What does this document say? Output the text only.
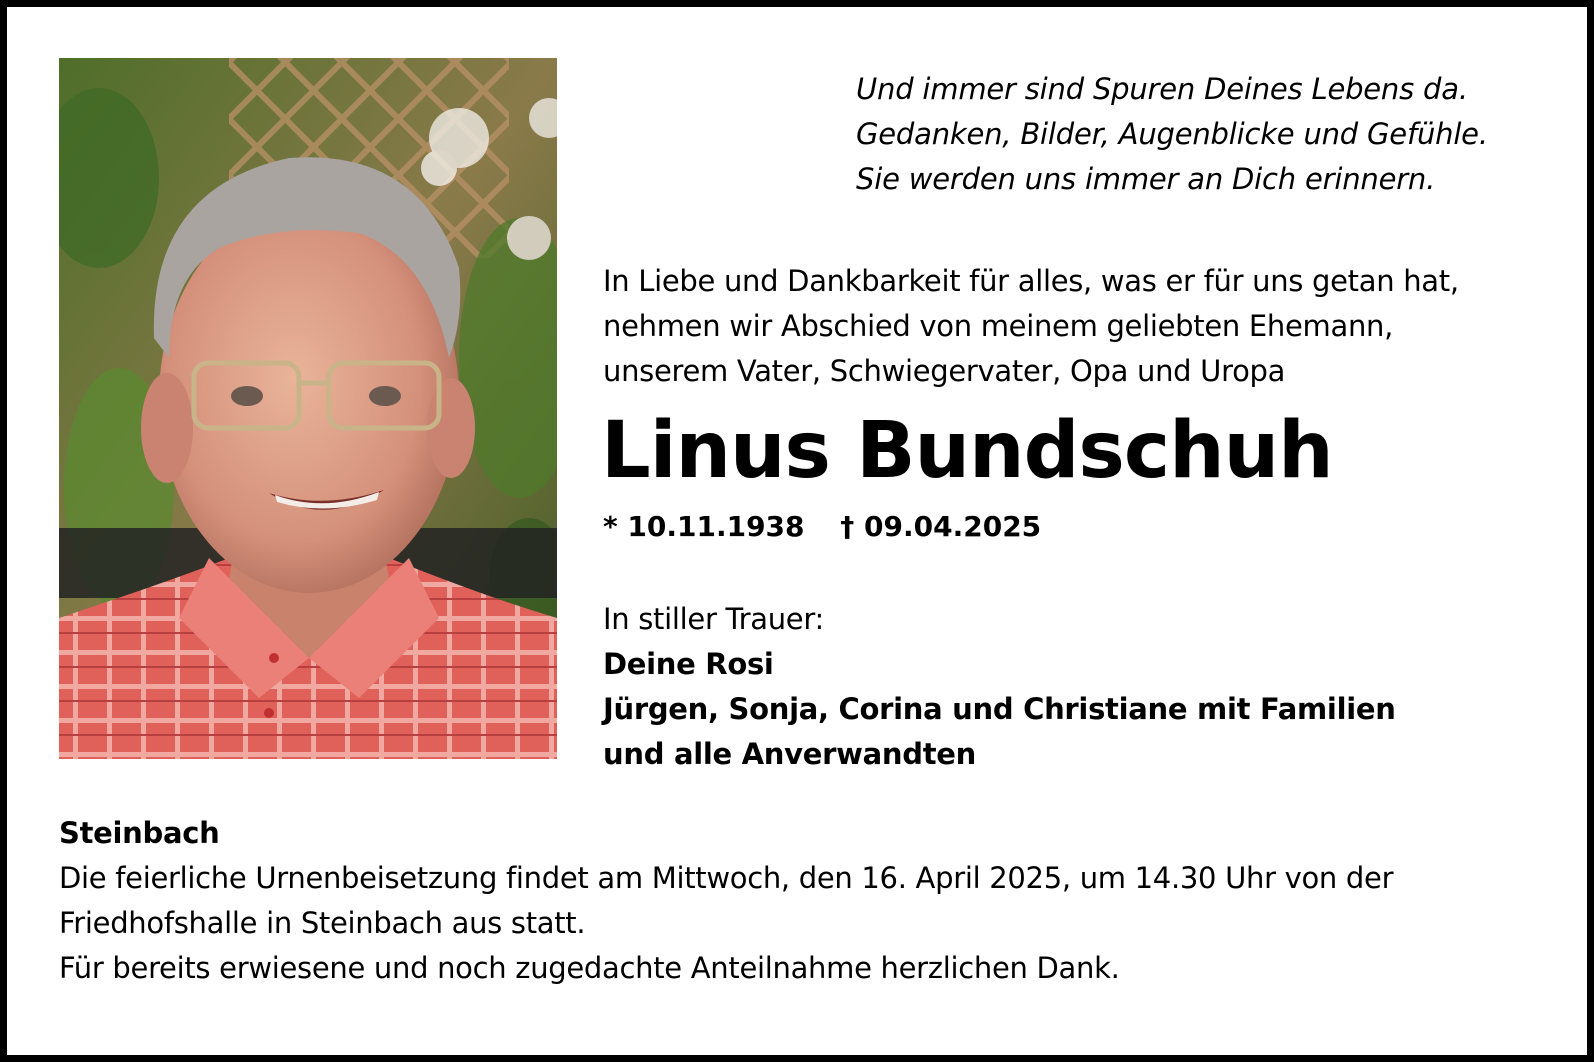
Und immer sind Spuren Deines Lebens da.
Gedanken, Bilder, Augenblicke und Gefühle.
Sie werden uns immer an Dich erinnern.
In Liebe und Dankbarkeit für alles, was er für uns getan hat,
nehmen wir Abschied von meinem geliebten Ehemann,
unserem Vater, Schwiegervater, Opa und Uropa
Linus Bundschuh
* 10.11.1938 † 09.04.2025
In stiller Trauer:
Deine Rosi
Jürgen, Sonja, Corina und Christiane mit Familien
und alle Anverwandten
Steinbach
Die feierliche Urnenbeisetzung findet am Mittwoch, den 16. April 2025, um 14.30 Uhr von der
Friedhofshalle in Steinbach aus statt.
Für bereits erwiesene und noch zugedachte Anteilnahme herzlichen Dank.
